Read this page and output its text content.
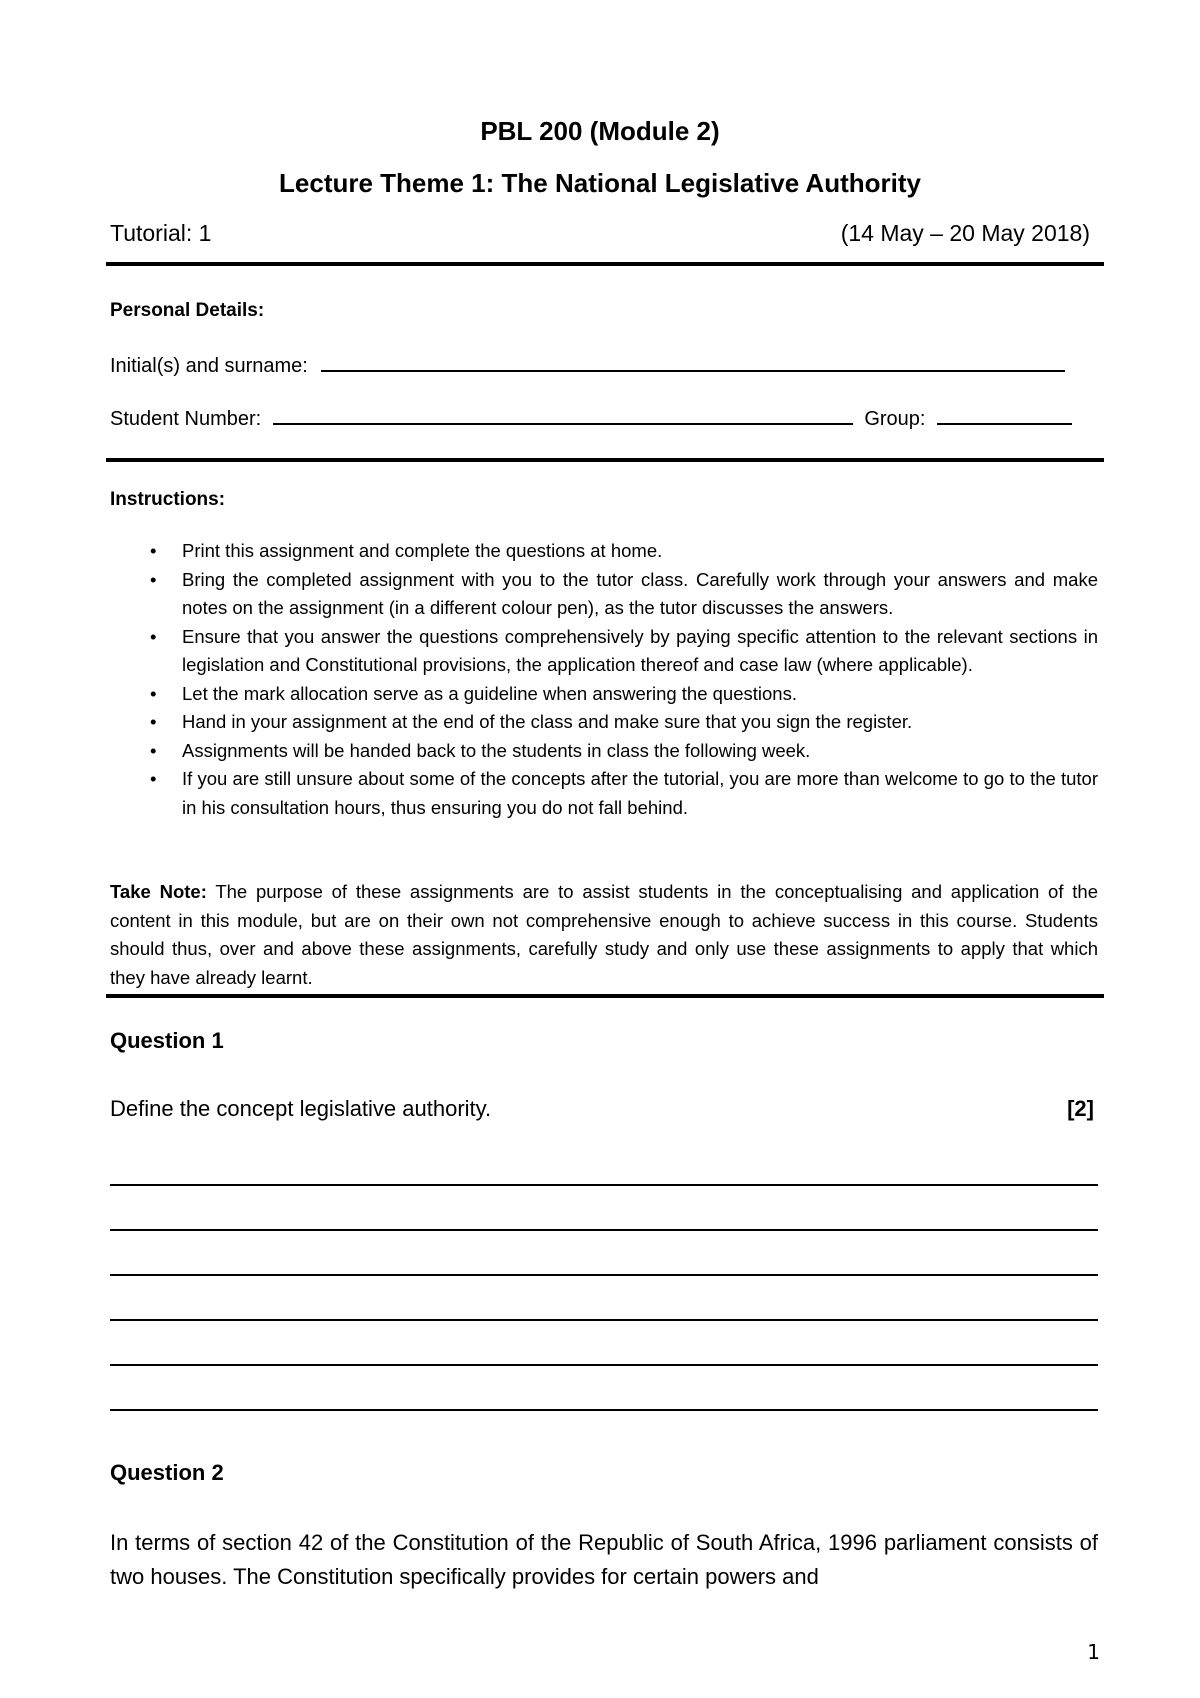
PBL 200 (Module 2)
Lecture Theme 1: The National Legislative Authority
Tutorial: 1	(14 May – 20 May 2018)
Personal Details:
Initial(s) and surname:
Student Number:	Group:
Instructions:
• Print this assignment and complete the questions at home.
• Bring the completed assignment with you to the tutor class. Carefully work through your answers and make notes on the assignment (in a different colour pen), as the tutor discusses the answers.
• Ensure that you answer the questions comprehensively by paying specific attention to the relevant sections in legislation and Constitutional provisions, the application thereof and case law (where applicable).
• Let the mark allocation serve as a guideline when answering the questions.
• Hand in your assignment at the end of the class and make sure that you sign the register.
• Assignments will be handed back to the students in class the following week.
• If you are still unsure about some of the concepts after the tutorial, you are more than welcome to go to the tutor in his consultation hours, thus ensuring you do not fall behind.

Take Note: The purpose of these assignments are to assist students in the conceptualising and application of the content in this module, but are on their own not comprehensive enough to achieve success in this course. Students should thus, over and above these assignments, carefully study and only use these assignments to apply that which they have already learnt.

Question 1
Define the concept legislative authority.	[2]
Question 2

In terms of section 42 of the Constitution of the Republic of South Africa, 1996 parliament consists of two houses. The Constitution specifically provides for certain powers and

1
